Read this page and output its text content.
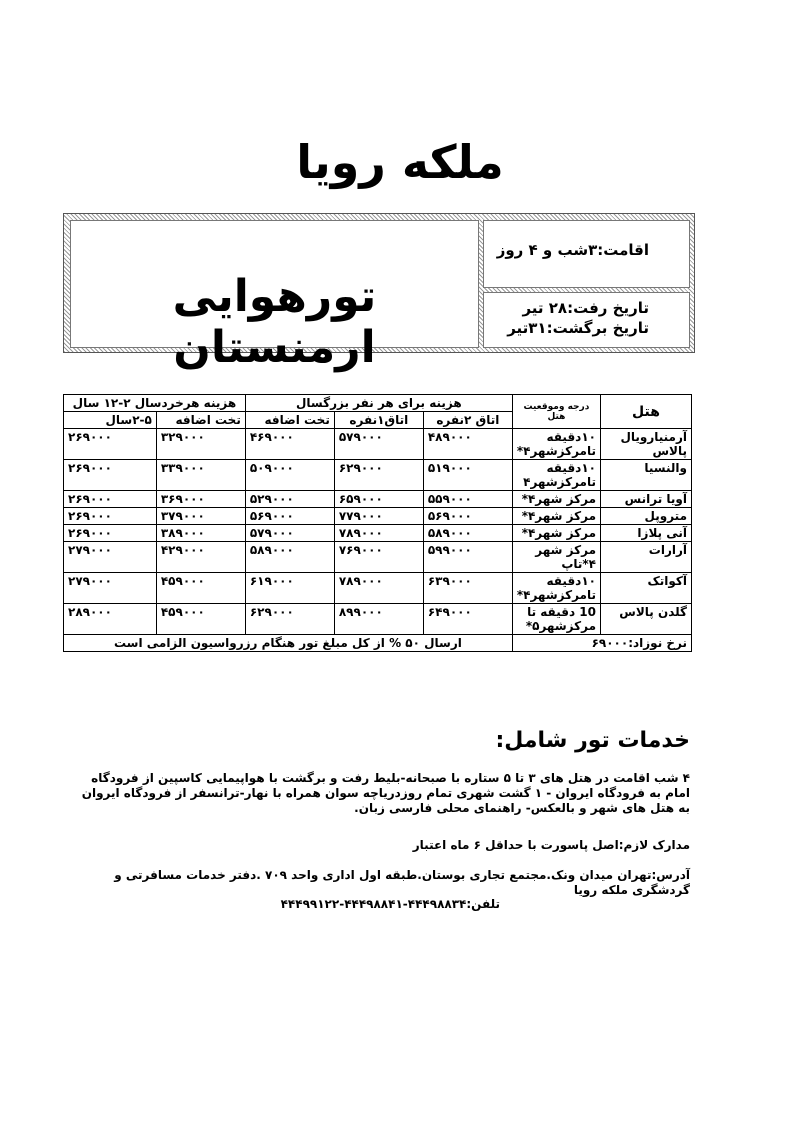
ملکه رویا
تورهوایی ارمنستان
اقامت:۳شب و ۴ روز
تاریخ رفت:۲۸ تیر
تاریخ برگشت:۳۱تیر
هتل	درجه وموقعیت هتل	هزینه برای هر نفر بزرگسال			هزینه هرخردسال ۲-۱۲ سال	
		اتاق ۲نفره	اتاق۱نفره	تخت اضافه	تخت اضافه	۲-۵سال
آرمنیارویال پالاس	۱۰دقیقه تامرکزشهر۴*	۴۸۹۰۰۰	۵۷۹۰۰۰	۴۶۹۰۰۰	۳۲۹۰۰۰	۲۶۹۰۰۰
والنسیا	۱۰دقیقه تامرکزشهر۴	۵۱۹۰۰۰	۶۲۹۰۰۰	۵۰۹۰۰۰	۳۳۹۰۰۰	۲۶۹۰۰۰
آویا ترانس	مرکز شهر۴*	۵۵۹۰۰۰	۶۵۹۰۰۰	۵۲۹۰۰۰	۳۶۹۰۰۰	۲۶۹۰۰۰
متروپل	مرکز شهر۴*	۵۶۹۰۰۰	۷۷۹۰۰۰	۵۶۹۰۰۰	۳۷۹۰۰۰	۲۶۹۰۰۰
آنی پلازا	مرکز شهر۴*	۵۸۹۰۰۰	۷۸۹۰۰۰	۵۷۹۰۰۰	۳۸۹۰۰۰	۲۶۹۰۰۰
آرارات	مرکز شهر ۴*تاپ	۵۹۹۰۰۰	۷۶۹۰۰۰	۵۸۹۰۰۰	۴۲۹۰۰۰	۲۷۹۰۰۰
آکواتک	۱۰دقیقه تامرکزشهر۴*	۶۳۹۰۰۰	۷۸۹۰۰۰	۶۱۹۰۰۰	۴۵۹۰۰۰	۲۷۹۰۰۰
گلدن پالاس	10 دقیقه تا مرکزشهر۵*	۶۴۹۰۰۰	۸۹۹۰۰۰	۶۲۹۰۰۰	۴۵۹۰۰۰	۲۸۹۰۰۰
نرخ نوزاد:۶۹۰۰۰		ارسال ۵۰ % از کل مبلغ تور هنگام رزرواسیون الزامی است				
خدمات تور شامل:
۴ شب اقامت در هتل های ۳ تا ۵ ستاره با صبحانه-بلیط رفت و برگشت با هواپیمایی کاسپین از فرودگاه امام به فرودگاه ایروان - ۱ گشت شهری تمام روزدریاچه سوان همراه با نهار-ترانسفر از فرودگاه ایروان به هتل های شهر و بالعکس- راهنمای محلی فارسی زبان.
مدارک لازم:اصل پاسورت با حداقل ۶ ماه اعتبار
آدرس:تهران میدان ونک.مجتمع تجاری بوستان.طبقه اول اداری واحد ۷۰۹ .دفتر خدمات مسافرتی و گردشگری ملکه رویا
تلفن:۴۴۴۹۸۸۳۴-۴۴۴۹۸۸۴۱-۴۴۴۹۹۱۲۲
